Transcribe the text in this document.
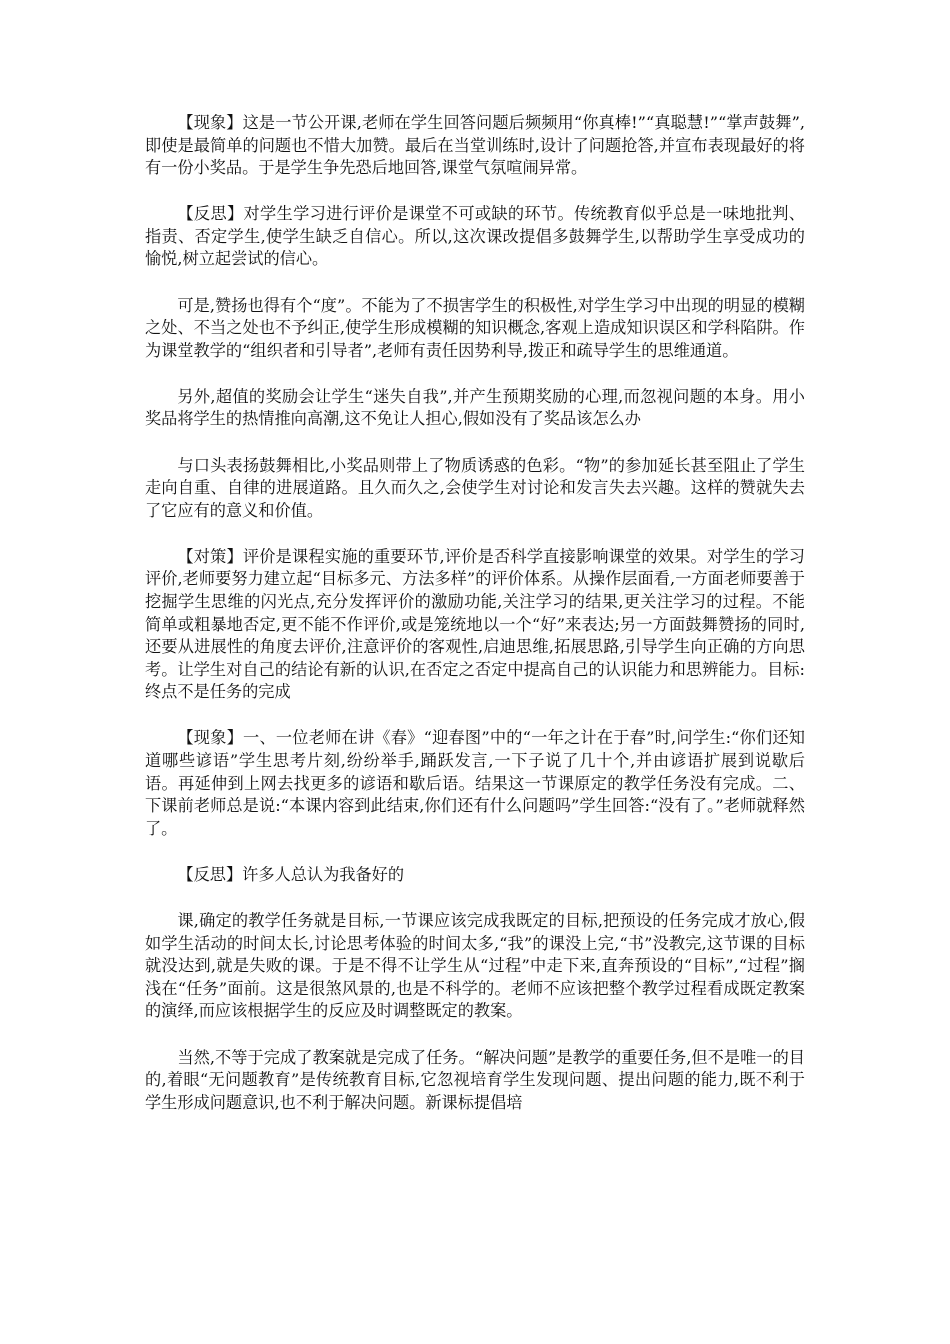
【现象】这是一节公开课,老师在学生回答问题后频频用“你真棒!”“真聪慧!”“掌声鼓舞”,即使是最简单的问题也不惜大加赞。最后在当堂训练时,设计了问题抢答,并宣布表现最好的将有一份小奖品。于是学生争先恐后地回答,课堂气氛喧闹异常。

【反思】对学生学习进行评价是课堂不可或缺的环节。传统教育似乎总是一味地批判、指责、否定学生,使学生缺乏自信心。所以,这次课改提倡多鼓舞学生,以帮助学生享受成功的愉悦,树立起尝试的信心。

可是,赞扬也得有个“度”。不能为了不损害学生的积极性,对学生学习中出现的明显的模糊之处、不当之处也不予纠正,使学生形成模糊的知识概念,客观上造成知识误区和学科陷阱。作为课堂教学的“组织者和引导者”,老师有责任因势利导,拨正和疏导学生的思维通道。

另外,超值的奖励会让学生“迷失自我”,并产生预期奖励的心理,而忽视问题的本身。用小奖品将学生的热情推向高潮,这不免让人担心,假如没有了奖品该怎么办

与口头表扬鼓舞相比,小奖品则带上了物质诱惑的色彩。“物”的参加延长甚至阻止了学生走向自重、自律的进展道路。且久而久之,会使学生对讨论和发言失去兴趣。这样的赞就失去了它应有的意义和价值。

【对策】评价是课程实施的重要环节,评价是否科学直接影响课堂的效果。对学生的学习评价,老师要努力建立起“目标多元、方法多样”的评价体系。从操作层面看,一方面老师要善于挖掘学生思维的闪光点,充分发挥评价的激励功能,关注学习的结果,更关注学习的过程。不能简单或粗暴地否定,更不能不作评价,或是笼统地以一个“好”来表达;另一方面鼓舞赞扬的同时,还要从进展性的角度去评价,注意评价的客观性,启迪思维,拓展思路,引导学生向正确的方向思考。让学生对自己的结论有新的认识,在否定之否定中提高自己的认识能力和思辨能力。目标:终点不是任务的完成

【现象】一、一位老师在讲《春》“迎春图”中的“一年之计在于春”时,问学生:“你们还知道哪些谚语”学生思考片刻,纷纷举手,踊跃发言,一下子说了几十个,并由谚语扩展到说歇后语。再延伸到上网去找更多的谚语和歇后语。结果这一节课原定的教学任务没有完成。二、下课前老师总是说:“本课内容到此结束,你们还有什么问题吗”学生回答:“没有了。”老师就释然了。

【反思】许多人总认为我备好的

课,确定的教学任务就是目标,一节课应该完成我既定的目标,把预设的任务完成才放心,假如学生活动的时间太长,讨论思考体验的时间太多,“我”的课没上完,“书”没教完,这节课的目标就没达到,就是失败的课。于是不得不让学生从“过程”中走下来,直奔预设的“目标”,“过程”搁浅在“任务”面前。这是很煞风景的,也是不科学的。老师不应该把整个教学过程看成既定教案的演绎,而应该根据学生的反应及时调整既定的教案。

当然,不等于完成了教案就是完成了任务。“解决问题”是教学的重要任务,但不是唯一的目的,着眼“无问题教育”是传统教育目标,它忽视培育学生发现问题、提出问题的能力,既不利于学生形成问题意识,也不利于解决问题。新课标提倡培
